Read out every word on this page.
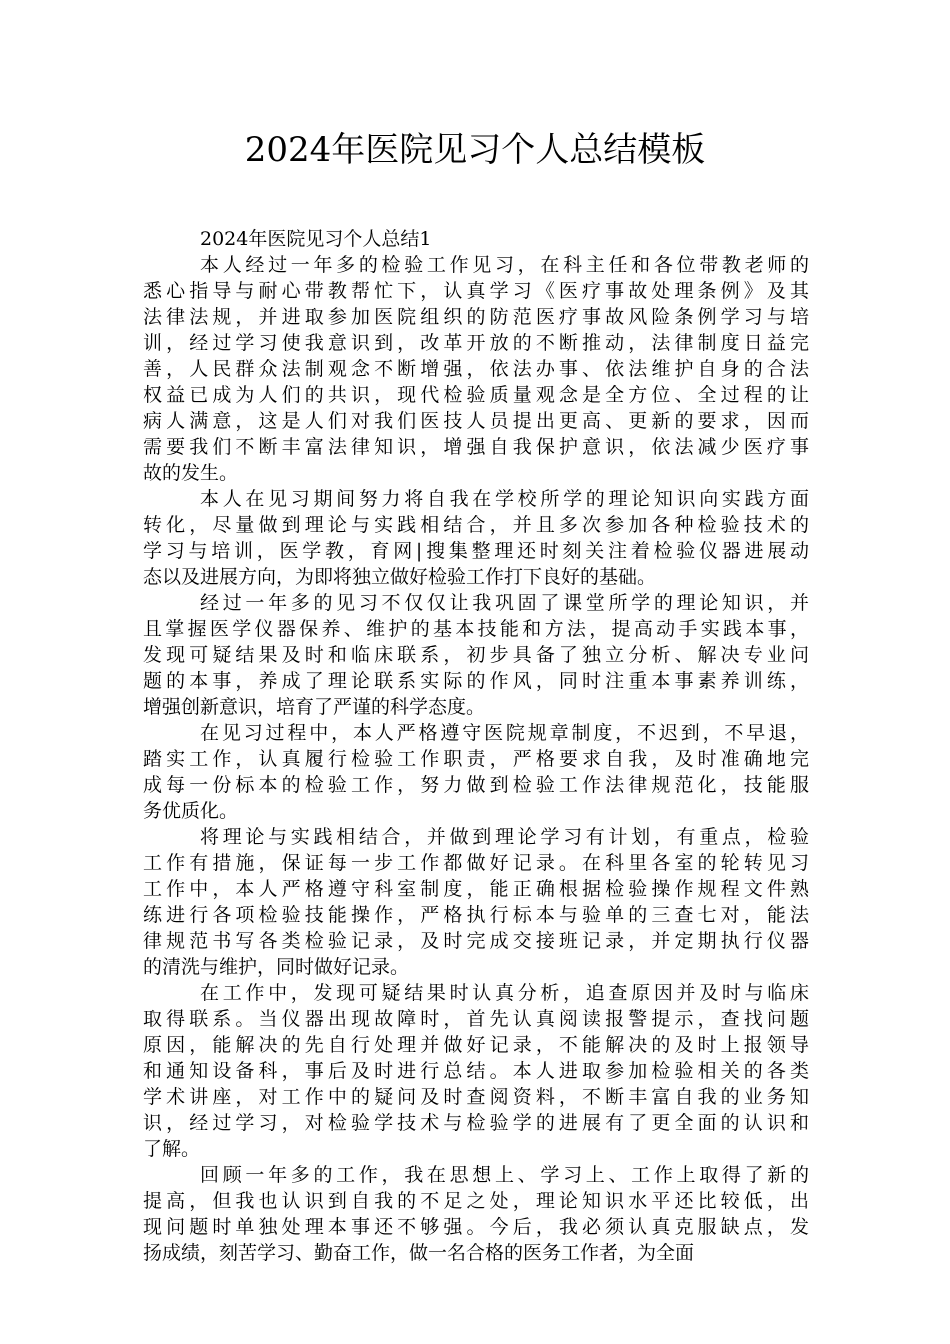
2024年医院见习个人总结模板

2024年医院见习个人总结1

本人经过一年多的检验工作见习，在科主任和各位带教老师的
悉心指导与耐心带教帮忙下，认真学习《医疗事故处理条例》及其
法律法规，并进取参加医院组织的防范医疗事故风险条例学习与培
训，经过学习使我意识到，改革开放的不断推动，法律制度日益完
善，人民群众法制观念不断增强，依法办事、依法维护自身的合法
权益已成为人们的共识，现代检验质量观念是全方位、全过程的让
病人满意，这是人们对我们医技人员提出更高、更新的要求，因而
需要我们不断丰富法律知识，增强自我保护意识，依法减少医疗事
故的发生。

本人在见习期间努力将自我在学校所学的理论知识向实践方面
转化，尽量做到理论与实践相结合，并且多次参加各种检验技术的
学习与培训，医学教，育网|搜集整理还时刻关注着检验仪器进展动
态以及进展方向，为即将独立做好检验工作打下良好的基础。

经过一年多的见习不仅仅让我巩固了课堂所学的理论知识，并
且掌握医学仪器保养、维护的基本技能和方法，提高动手实践本事，
发现可疑结果及时和临床联系，初步具备了独立分析、解决专业问
题的本事，养成了理论联系实际的作风，同时注重本事素养训练，
增强创新意识，培育了严谨的科学态度。

在见习过程中，本人严格遵守医院规章制度，不迟到，不早退，
踏实工作，认真履行检验工作职责，严格要求自我，及时准确地完
成每一份标本的检验工作，努力做到检验工作法律规范化，技能服
务优质化。

将理论与实践相结合，并做到理论学习有计划，有重点，检验
工作有措施，保证每一步工作都做好记录。在科里各室的轮转见习
工作中，本人严格遵守科室制度，能正确根据检验操作规程文件熟
练进行各项检验技能操作，严格执行标本与验单的三查七对，能法
律规范书写各类检验记录，及时完成交接班记录，并定期执行仪器
的清洗与维护，同时做好记录。

在工作中，发现可疑结果时认真分析，追查原因并及时与临床
取得联系。当仪器出现故障时，首先认真阅读报警提示，查找问题
原因，能解决的先自行处理并做好记录，不能解决的及时上报领导
和通知设备科，事后及时进行总结。本人进取参加检验相关的各类
学术讲座，对工作中的疑问及时查阅资料，不断丰富自我的业务知
识，经过学习，对检验学技术与检验学的进展有了更全面的认识和
了解。

回顾一年多的工作，我在思想上、学习上、工作上取得了新的
提高，但我也认识到自我的不足之处，理论知识水平还比较低，出
现问题时单独处理本事还不够强。今后，我必须认真克服缺点，发
扬成绩，刻苦学习、勤奋工作，做一名合格的医务工作者，为全面
